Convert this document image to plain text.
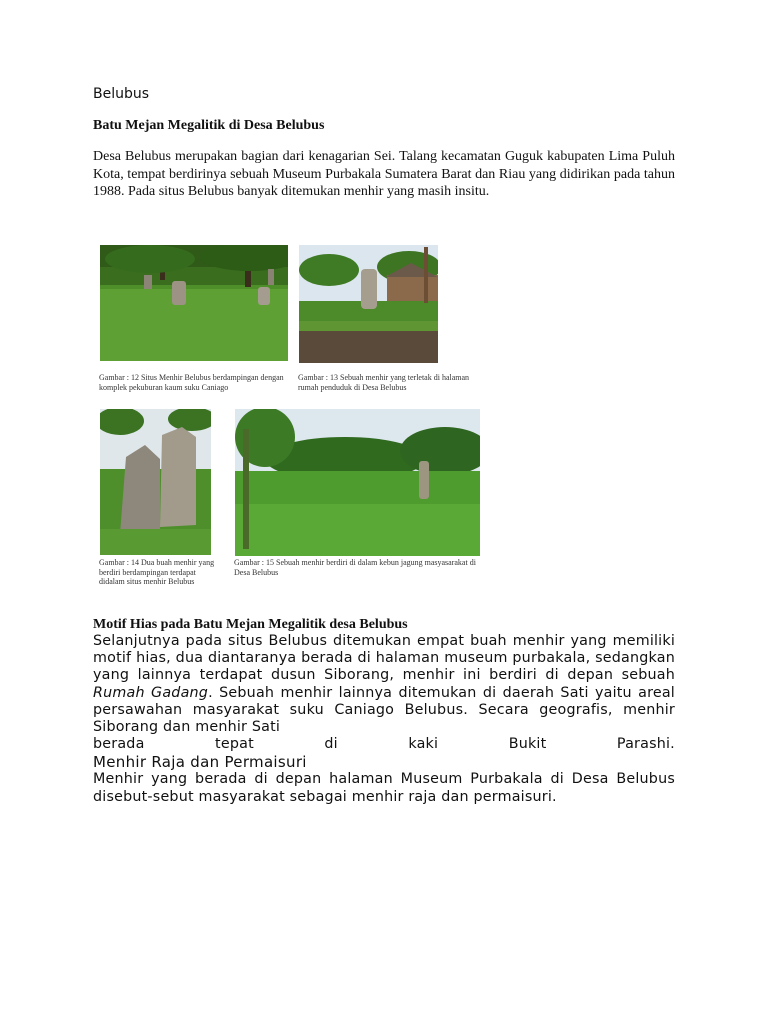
Belubus
Batu Mejan Megalitik di Desa Belubus
Desa Belubus merupakan bagian dari kenagarian Sei. Talang kecamatan Guguk kabupaten Lima Puluh Kota, tempat berdirinya sebuah Museum Purbakala Sumatera Barat dan Riau yang didirikan pada tahun 1988. Pada situs Belubus banyak ditemukan menhir yang masih insitu.
Gambar : 12 Situs Menhir Belubus berdampingan dengan komplek pekuburan kaum suku Caniago
Gambar : 13 Sebuah menhir yang terletak di halaman rumah penduduk di Desa Belubus
Gambar : 14 Dua buah menhir yang berdiri berdampingan terdapat didalam situs menhir Belubus
Gambar : 15 Sebuah menhir berdiri di dalam kebun jagung masyasarakat di Desa Belubus
Motif Hias pada Batu Mejan Megalitik desa Belubus
Selanjutnya pada situs Belubus ditemukan empat buah menhir yang memiliki motif hias, dua diantaranya berada di halaman museum purbakala, sedangkan yang lainnya terdapat dusun Siborang, menhir ini berdiri di depan sebuah Rumah Gadang. Sebuah menhir lainnya ditemukan di daerah Sati yaitu areal persawahan masyarakat suku Caniago Belubus. Secara geografis, menhir Siborang dan menhir Sati
berada	tepat	di	kaki	Bukit	Parashi.
Menhir Raja dan Permaisuri
Menhir yang berada di depan halaman Museum Purbakala di Desa Belubus disebut-sebut masyarakat sebagai menhir raja dan permaisuri.
